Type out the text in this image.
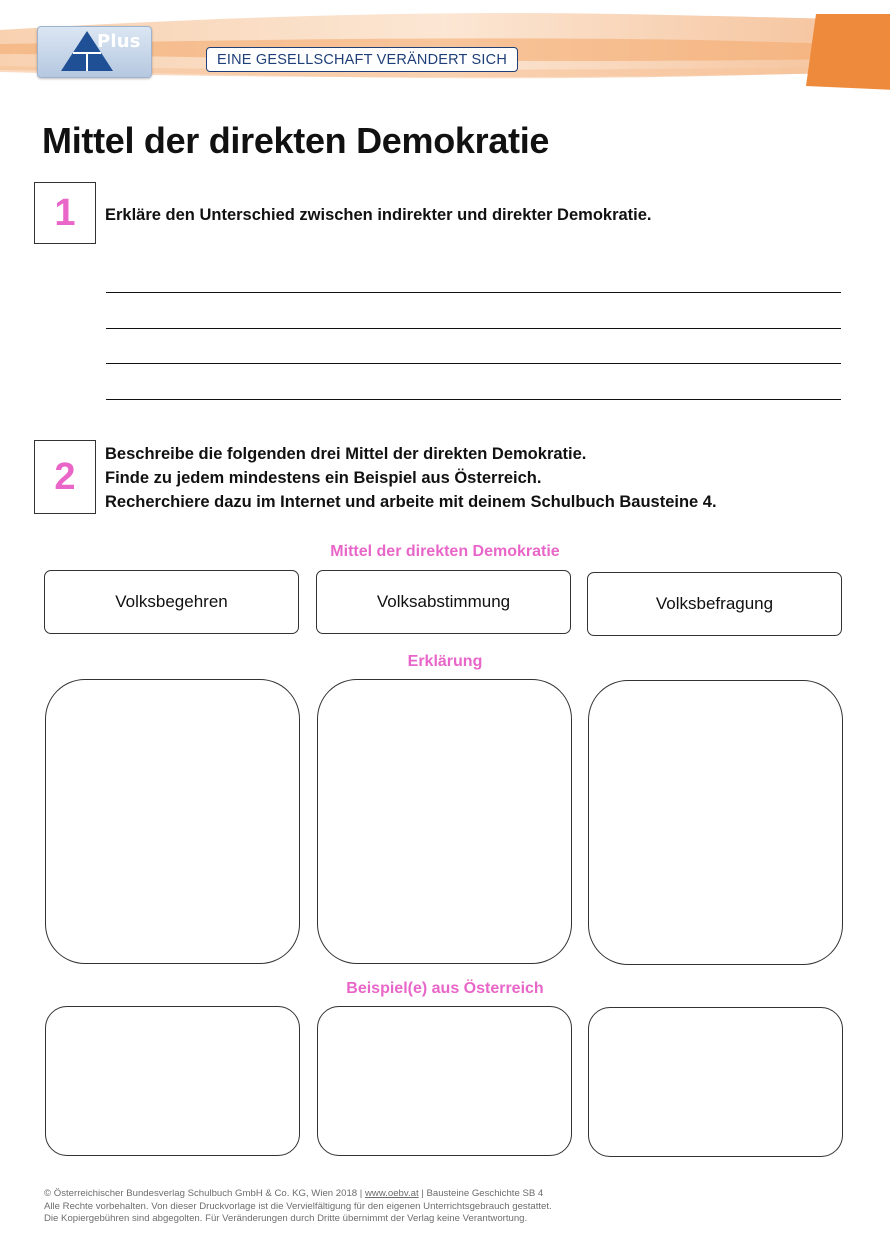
Plus
EINE GESELLSCHAFT VERÄNDERT SICH
Mittel der direkten Demokratie
1	Erkläre den Unterschied zwischen indirekter und direkter Demokratie.
2
Beschreibe die folgenden drei Mittel der direkten Demokratie.
Finde zu jedem mindestens ein Beispiel aus Österreich.
Recherchiere dazu im Internet und arbeite mit deinem Schulbuch Bausteine 4.
Mittel der direkten Demokratie
Volksbegehren	Volksabstimmung	Volksbefragung
Erklärung
Beispiel(e) aus Österreich
© Österreichischer Bundesverlag Schulbuch GmbH & Co. KG, Wien 2018 | www.oebv.at | Bausteine Geschichte SB 4
Alle Rechte vorbehalten. Von dieser Druckvorlage ist die Vervielfältigung für den eigenen Unterrichtsgebrauch gestattet.
Die Kopiergebühren sind abgegolten. Für Veränderungen durch Dritte übernimmt der Verlag keine Verantwortung.
